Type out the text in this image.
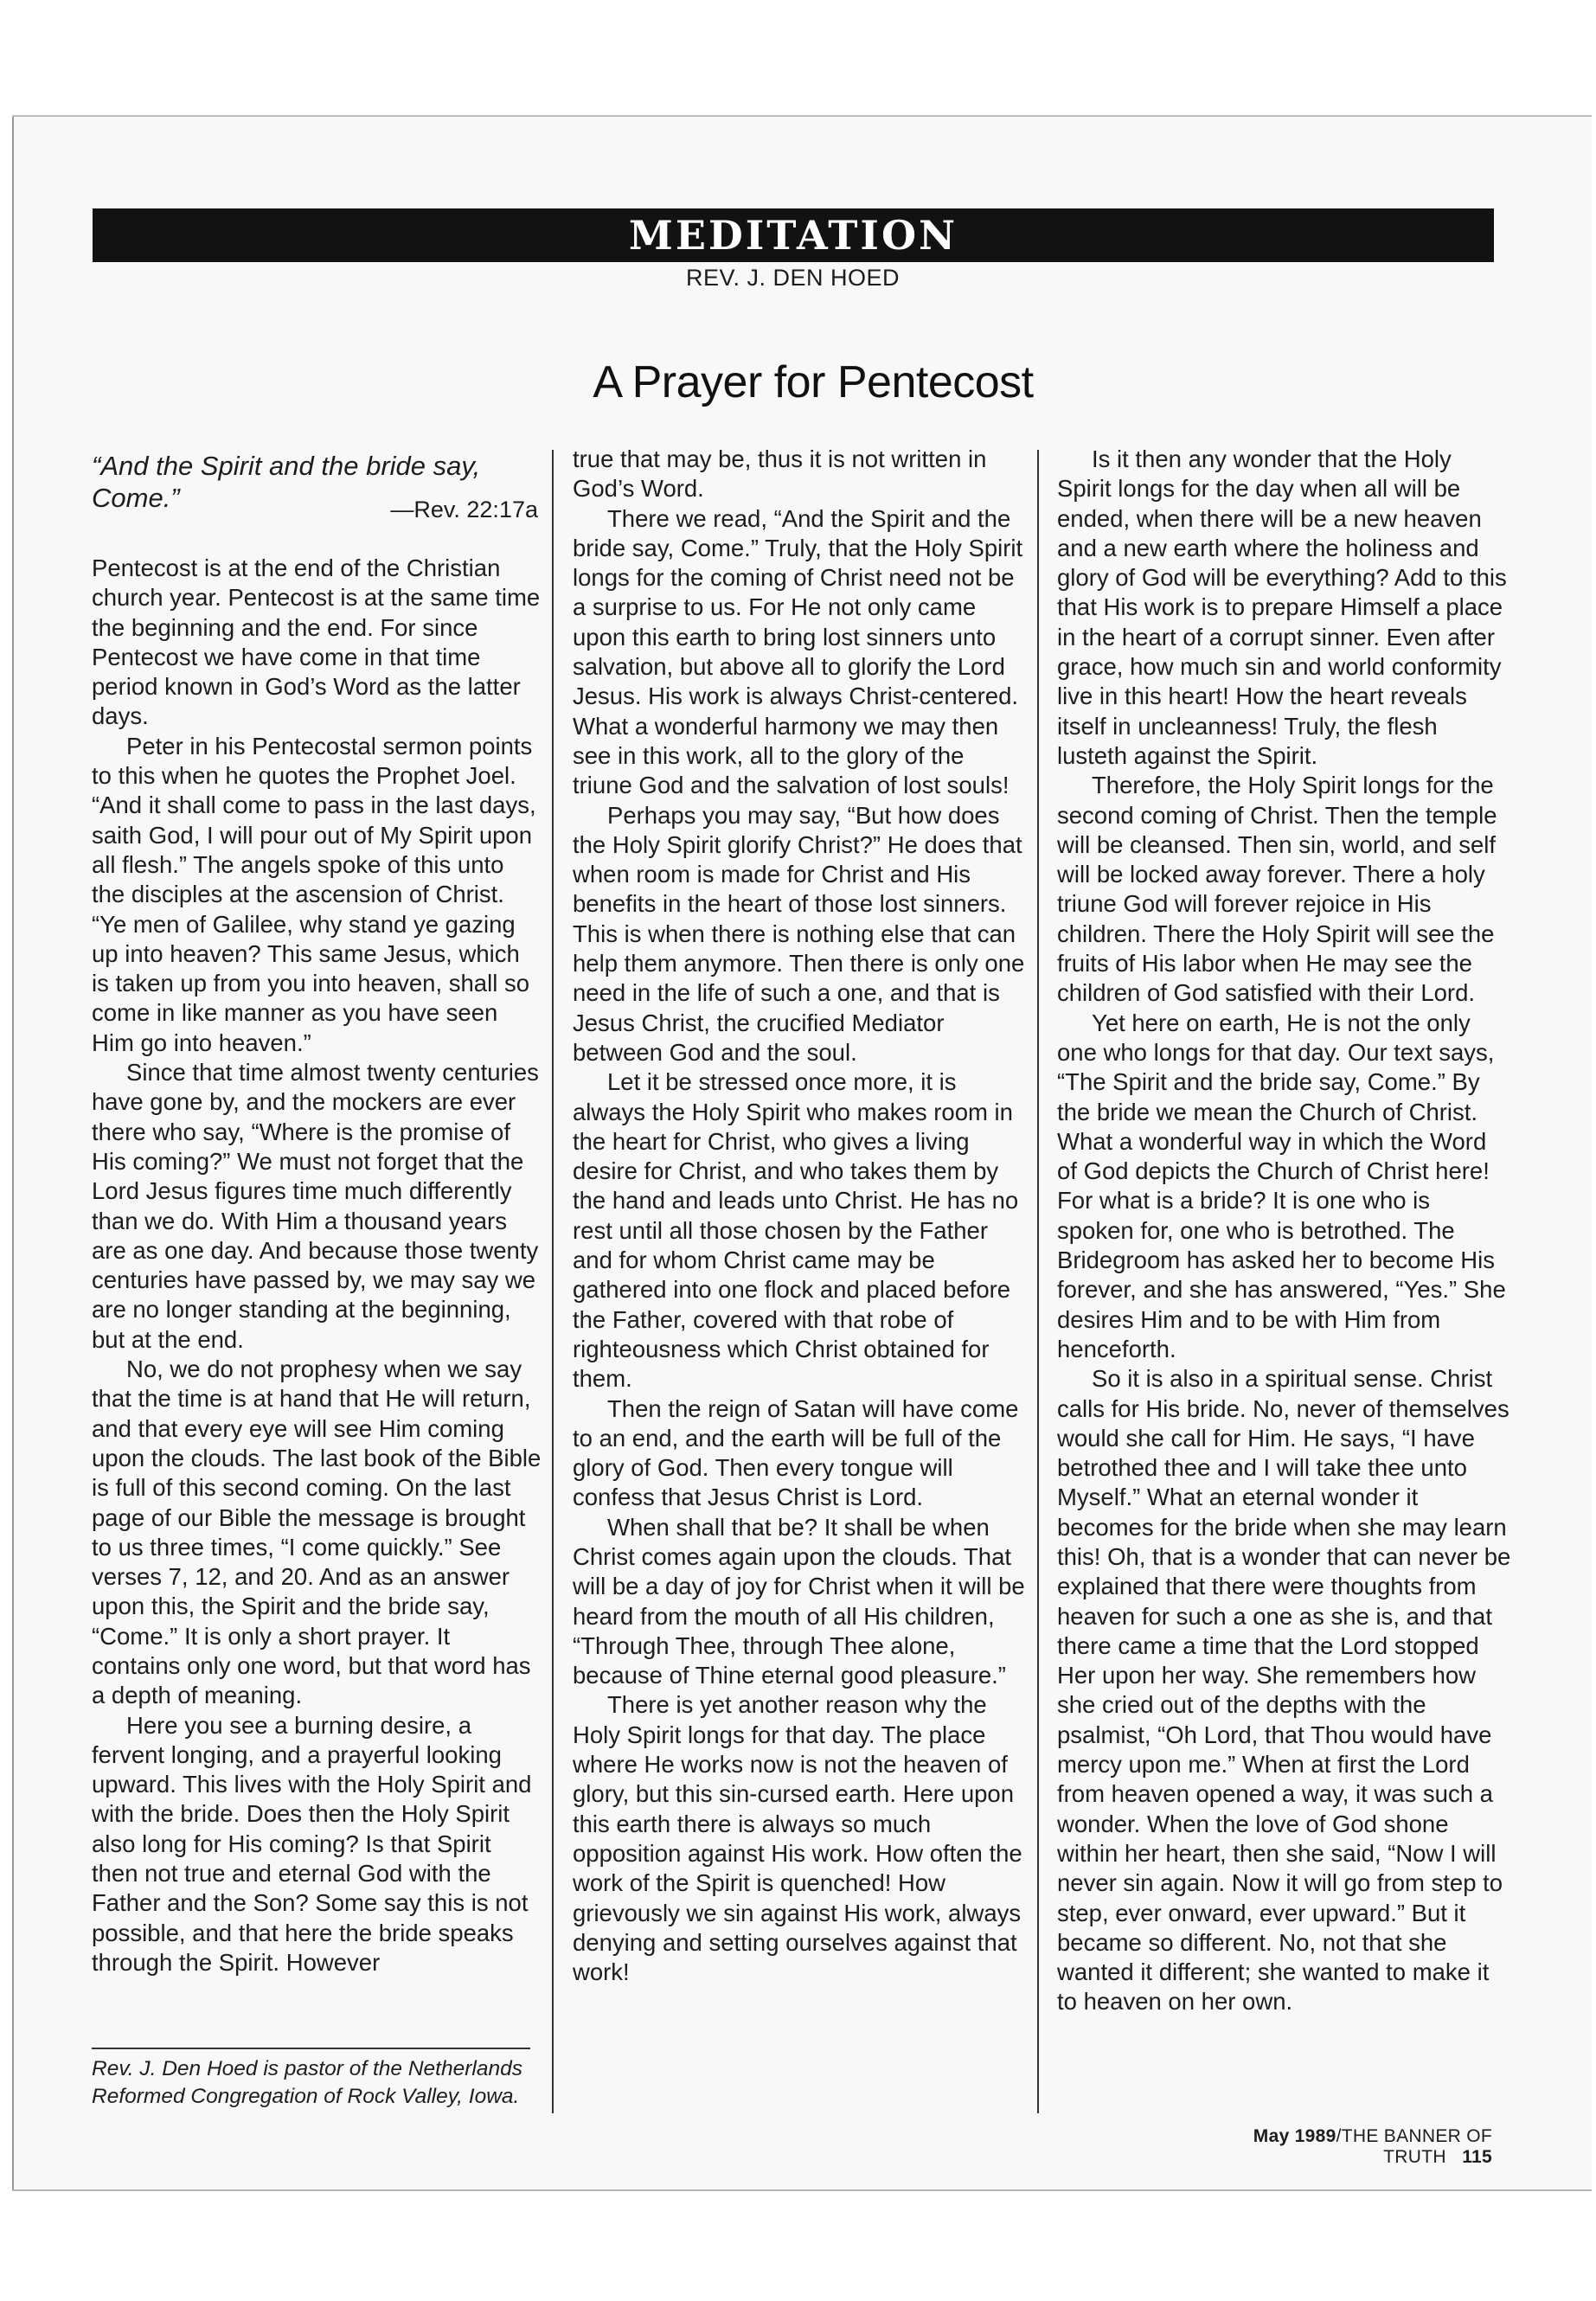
MEDITATION
REV. J. DEN HOED
A Prayer for Pentecost
“And the Spirit and the bride say, Come.”	—Rev. 22:17a

Pentecost is at the end of the Christian church year. Pentecost is at the same time the beginning and the end. For since Pentecost we have come in that time period known in God’s Word as the latter days.

Peter in his Pentecostal sermon points to this when he quotes the Prophet Joel. “And it shall come to pass in the last days, saith God, I will pour out of My Spirit upon all flesh.” The angels spoke of this unto the disciples at the ascension of Christ. “Ye men of Galilee, why stand ye gazing up into heaven? This same Jesus, which is taken up from you into heaven, shall so come in like manner as you have seen Him go into heaven.”

Since that time almost twenty centuries have gone by, and the mockers are ever there who say, “Where is the promise of His coming?” We must not forget that the Lord Jesus figures time much differently than we do. With Him a thousand years are as one day. And because those twenty centuries have passed by, we may say we are no longer standing at the beginning, but at the end.

No, we do not prophesy when we say that the time is at hand that He will return, and that every eye will see Him coming upon the clouds. The last book of the Bible is full of this second coming. On the last page of our Bible the message is brought to us three times, “I come quickly.” See verses 7, 12, and 20. And as an answer upon this, the Spirit and the bride say, “Come.” It is only a short prayer. It contains only one word, but that word has a depth of meaning.

Here you see a burning desire, a fervent longing, and a prayerful looking upward. This lives with the Holy Spirit and with the bride. Does then the Holy Spirit also long for His coming? Is that Spirit then not true and eternal God with the Father and the Son? Some say this is not possible, and that here the bride speaks through the Spirit. However

Rev. J. Den Hoed is pastor of the Netherlands Reformed Congregation of Rock Valley, Iowa.

true that may be, thus it is not written in God’s Word.

There we read, “And the Spirit and the bride say, Come.” Truly, that the Holy Spirit longs for the coming of Christ need not be a surprise to us. For He not only came upon this earth to bring lost sinners unto salvation, but above all to glorify the Lord Jesus. His work is always Christ-centered. What a wonderful harmony we may then see in this work, all to the glory of the triune God and the salvation of lost souls!

Perhaps you may say, “But how does the Holy Spirit glorify Christ?” He does that when room is made for Christ and His benefits in the heart of those lost sinners. This is when there is nothing else that can help them anymore. Then there is only one need in the life of such a one, and that is Jesus Christ, the crucified Mediator between God and the soul.

Let it be stressed once more, it is always the Holy Spirit who makes room in the heart for Christ, who gives a living desire for Christ, and who takes them by the hand and leads unto Christ. He has no rest until all those chosen by the Father and for whom Christ came may be gathered into one flock and placed before the Father, covered with that robe of righteousness which Christ obtained for them.

Then the reign of Satan will have come to an end, and the earth will be full of the glory of God. Then every tongue will confess that Jesus Christ is Lord.

When shall that be? It shall be when Christ comes again upon the clouds. That will be a day of joy for Christ when it will be heard from the mouth of all His children, “Through Thee, through Thee alone, because of Thine eternal good pleasure.”

There is yet another reason why the Holy Spirit longs for that day. The place where He works now is not the heaven of glory, but this sin-cursed earth. Here upon this earth there is always so much opposition against His work. How often the work of the Spirit is quenched! How grievously we sin against His work, always denying and setting ourselves against that work!

Is it then any wonder that the Holy Spirit longs for the day when all will be ended, when there will be a new heaven and a new earth where the holiness and glory of God will be everything? Add to this that His work is to prepare Himself a place in the heart of a corrupt sinner. Even after grace, how much sin and world conformity live in this heart! How the heart reveals itself in uncleanness! Truly, the flesh lusteth against the Spirit.

Therefore, the Holy Spirit longs for the second coming of Christ. Then the temple will be cleansed. Then sin, world, and self will be locked away forever. There a holy triune God will forever rejoice in His children. There the Holy Spirit will see the fruits of His labor when He may see the children of God satisfied with their Lord.

Yet here on earth, He is not the only one who longs for that day. Our text says, “The Spirit and the bride say, Come.” By the bride we mean the Church of Christ. What a wonderful way in which the Word of God depicts the Church of Christ here! For what is a bride? It is one who is spoken for, one who is betrothed. The Bridegroom has asked her to become His forever, and she has answered, “Yes.” She desires Him and to be with Him from henceforth.

So it is also in a spiritual sense. Christ calls for His bride. No, never of themselves would she call for Him. He says, “I have betrothed thee and I will take thee unto Myself.” What an eternal wonder it becomes for the bride when she may learn this! Oh, that is a wonder that can never be explained that there were thoughts from heaven for such a one as she is, and that there came a time that the Lord stopped Her upon her way. She remembers how she cried out of the depths with the psalmist, “Oh Lord, that Thou would have mercy upon me.” When at first the Lord from heaven opened a way, it was such a wonder. When the love of God shone within her heart, then she said, “Now I will never sin again. Now it will go from step to step, ever onward, ever upward.” But it became so different. No, not that she wanted it different; she wanted to make it to heaven on her own.

May 1989/THE BANNER OF TRUTH 115
